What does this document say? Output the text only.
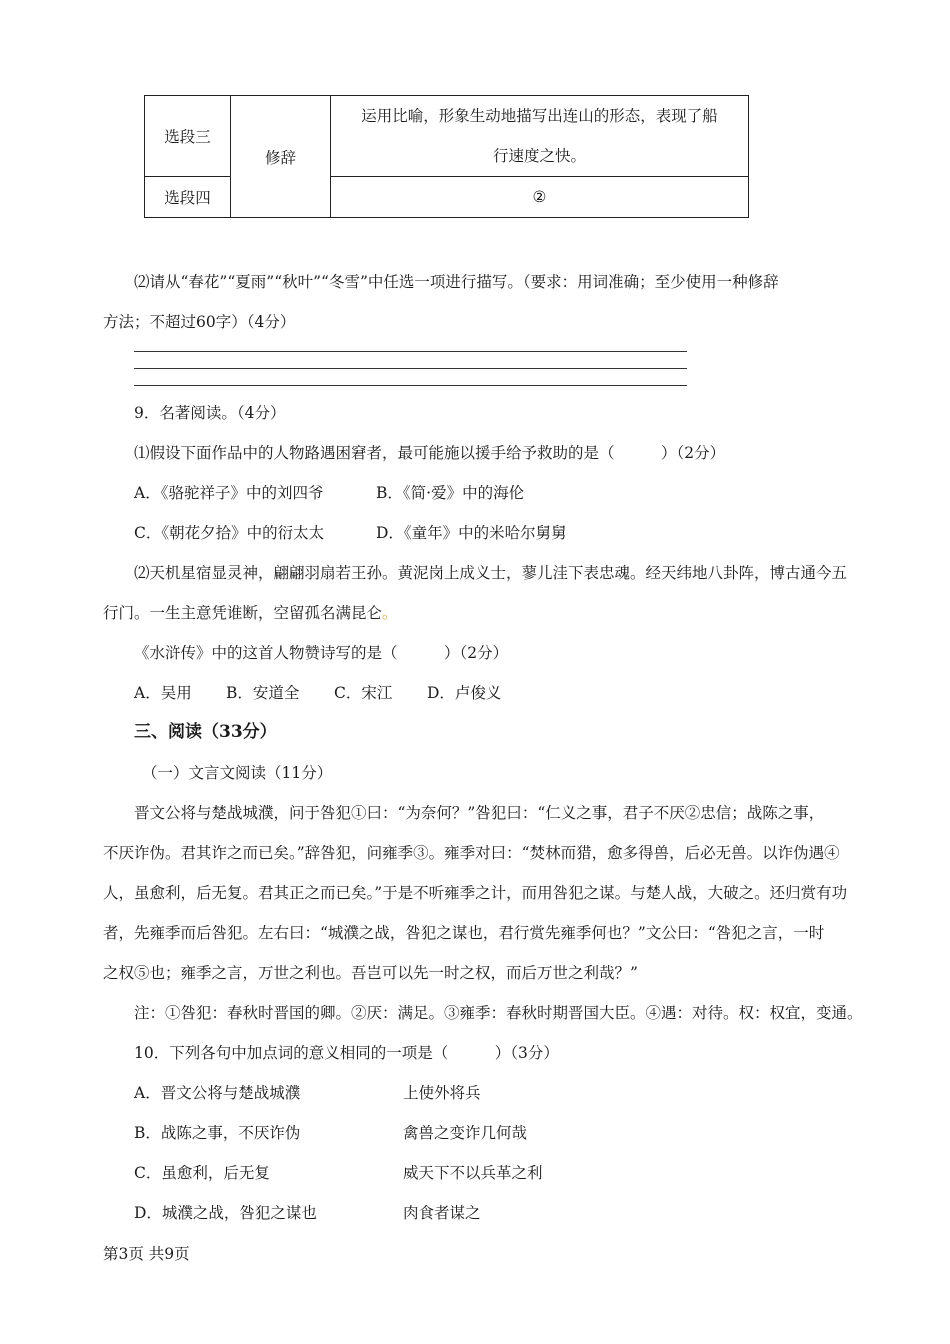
选段三	修辞	运用比喻，形象生动地描写出连山的形态，表现了船
行速度之快。

选段四		②
⑵请从“春花”“夏雨”“秋叶”“冬雪”中任选一项进行描写。（要求：用词准确；至少使用一种修辞
方法；不超过60字）（4分）
9．名著阅读。（4分）
⑴假设下面作品中的人物路遇困窘者，最可能施以援手给予救助的是（　　　）（2分）
A．《骆驼祥子》中的刘四爷	B．《简·爱》中的海伦
C．《朝花夕拾》中的衍太太	D．《童年》中的米哈尔舅舅
⑵天机星宿显灵神，翩翩羽扇若王孙。黄泥岗上成义士，蓼儿洼下表忠魂。经天纬地八卦阵，博古通今五
行门。一生主意凭谁断，空留孤名满昆仑。
《水浒传》中的这首人物赞诗写的是（　　　）（2分）
A．吴用 B．安道全 C．宋江 D．卢俊义
三、阅读（33分）
（一）文言文阅读（11分）
晋文公将与楚战城濮，问于咎犯①曰：“为奈何？”咎犯曰：“仁义之事，君子不厌②忠信；战陈之事，
不厌诈伪。君其诈之而已矣。”辞咎犯，问雍季③。雍季对曰：“焚林而猎，愈多得兽，后必无兽。以诈伪遇④
人，虽愈利，后无复。君其正之而已矣。”于是不听雍季之计，而用咎犯之谋。与楚人战，大破之。还归赏有功
者，先雍季而后咎犯。左右曰：“城濮之战，咎犯之谋也，君行赏先雍季何也？”文公曰：“咎犯之言，一时
之权⑤也；雍季之言，万世之利也。吾岂可以先一时之权，而后万世之利哉？”
注：①咎犯：春秋时晋国的卿。②厌：满足。③雍季：春秋时期晋国大臣。④遇：对待。权：权宜，变通。
10．下列各句中加点词的意义相同的一项是（　　　）（3分）
A．晋文公将与楚战城濮	上使外将兵
B．战陈之事，不厌诈伪	禽兽之变诈几何哉
C．虽愈利，后无复	威天下不以兵革之利
D．城濮之战，咎犯之谋也	肉食者谋之
第3页 共9页
